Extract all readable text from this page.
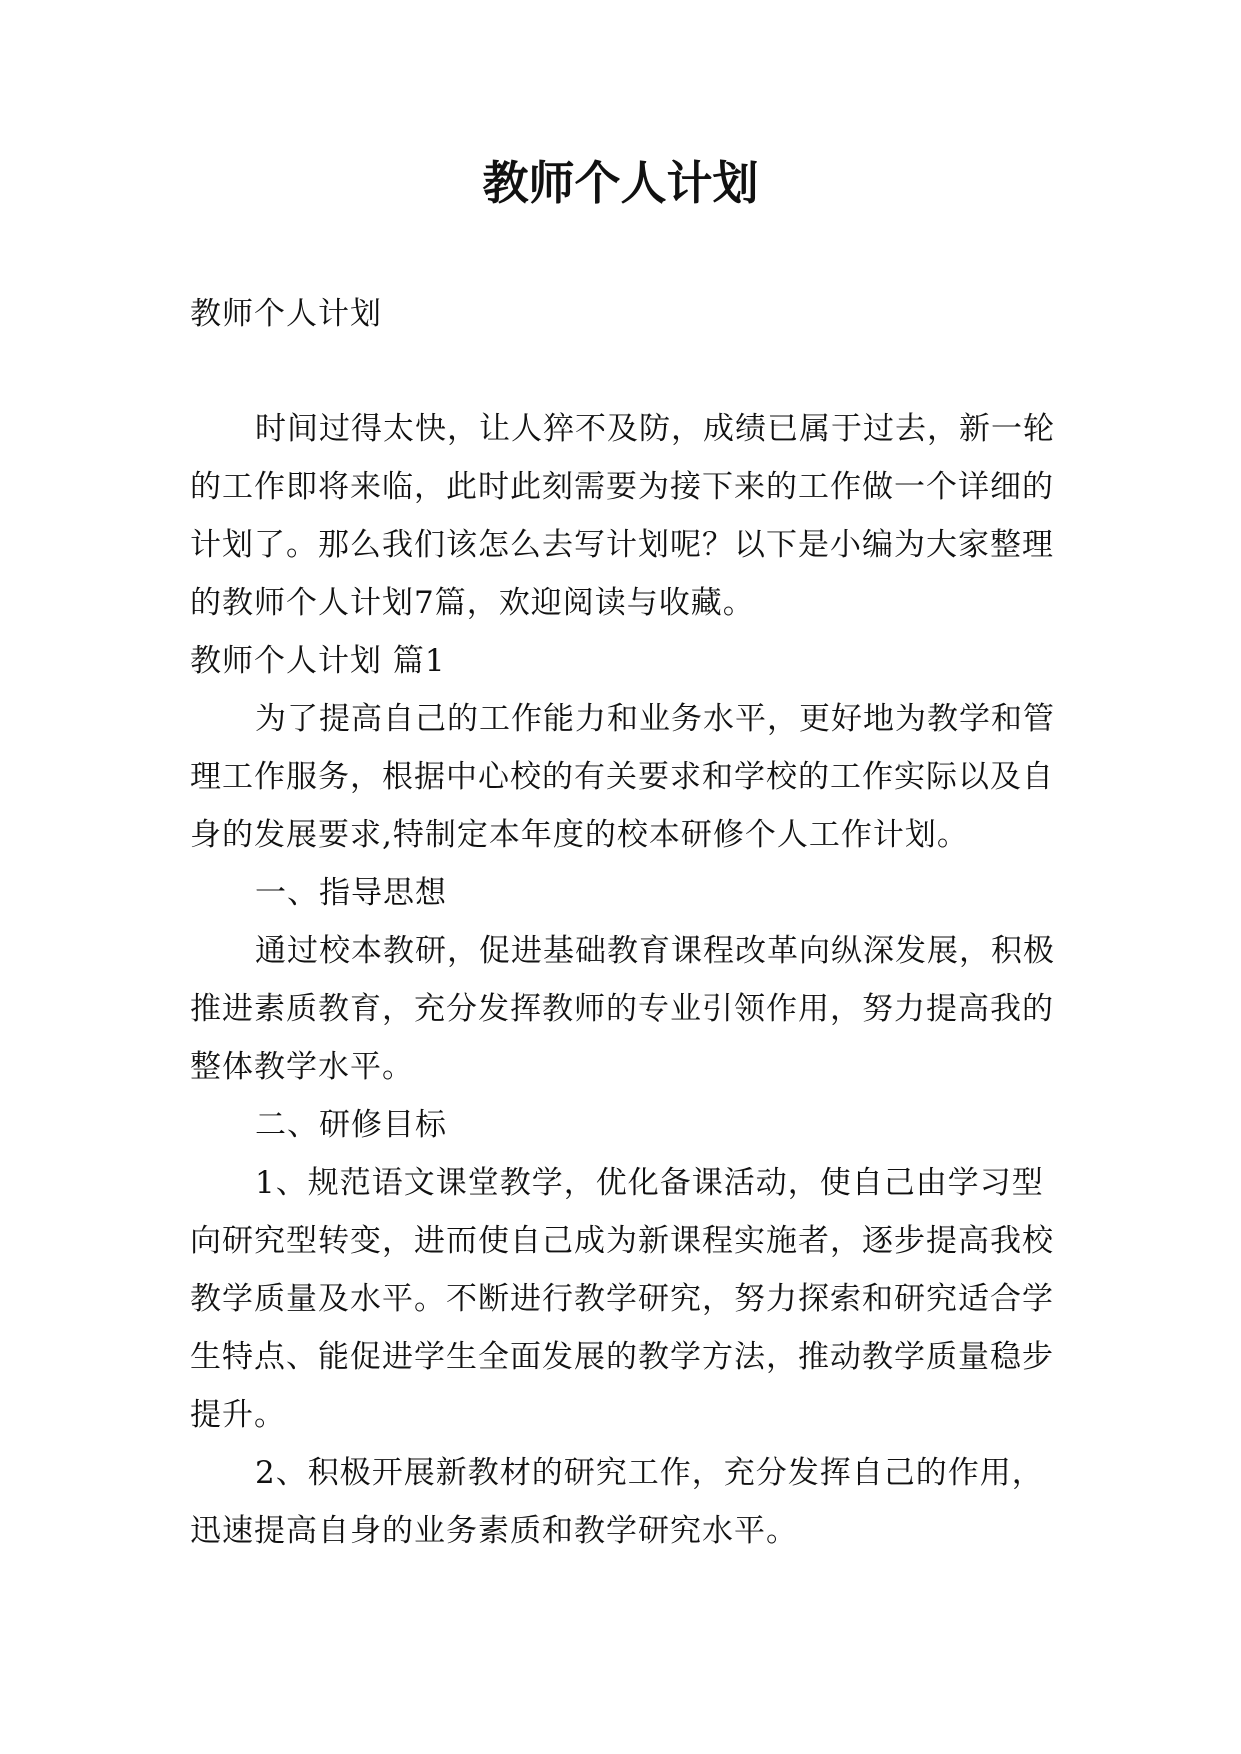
教师个人计划

教师个人计划

时间过得太快，让人猝不及防，成绩已属于过去，新一轮的工作即将来临，此时此刻需要为接下来的工作做一个详细的计划了。那么我们该怎么去写计划呢？以下是小编为大家整理的教师个人计划7篇，欢迎阅读与收藏。

教师个人计划 篇1

为了提高自己的工作能力和业务水平，更好地为教学和管理工作服务，根据中心校的有关要求和学校的工作实际以及自身的发展要求,特制定本年度的校本研修个人工作计划。

一、指导思想

通过校本教研，促进基础教育课程改革向纵深发展，积极推进素质教育，充分发挥教师的专业引领作用，努力提高我的整体教学水平。

二、研修目标

1、规范语文课堂教学，优化备课活动，使自己由学习型向研究型转变，进而使自己成为新课程实施者，逐步提高我校教学质量及水平。不断进行教学研究，努力探索和研究适合学生特点、能促进学生全面发展的教学方法，推动教学质量稳步提升。

2、积极开展新教材的研究工作，充分发挥自己的作用，迅速提高自身的业务素质和教学研究水平。
